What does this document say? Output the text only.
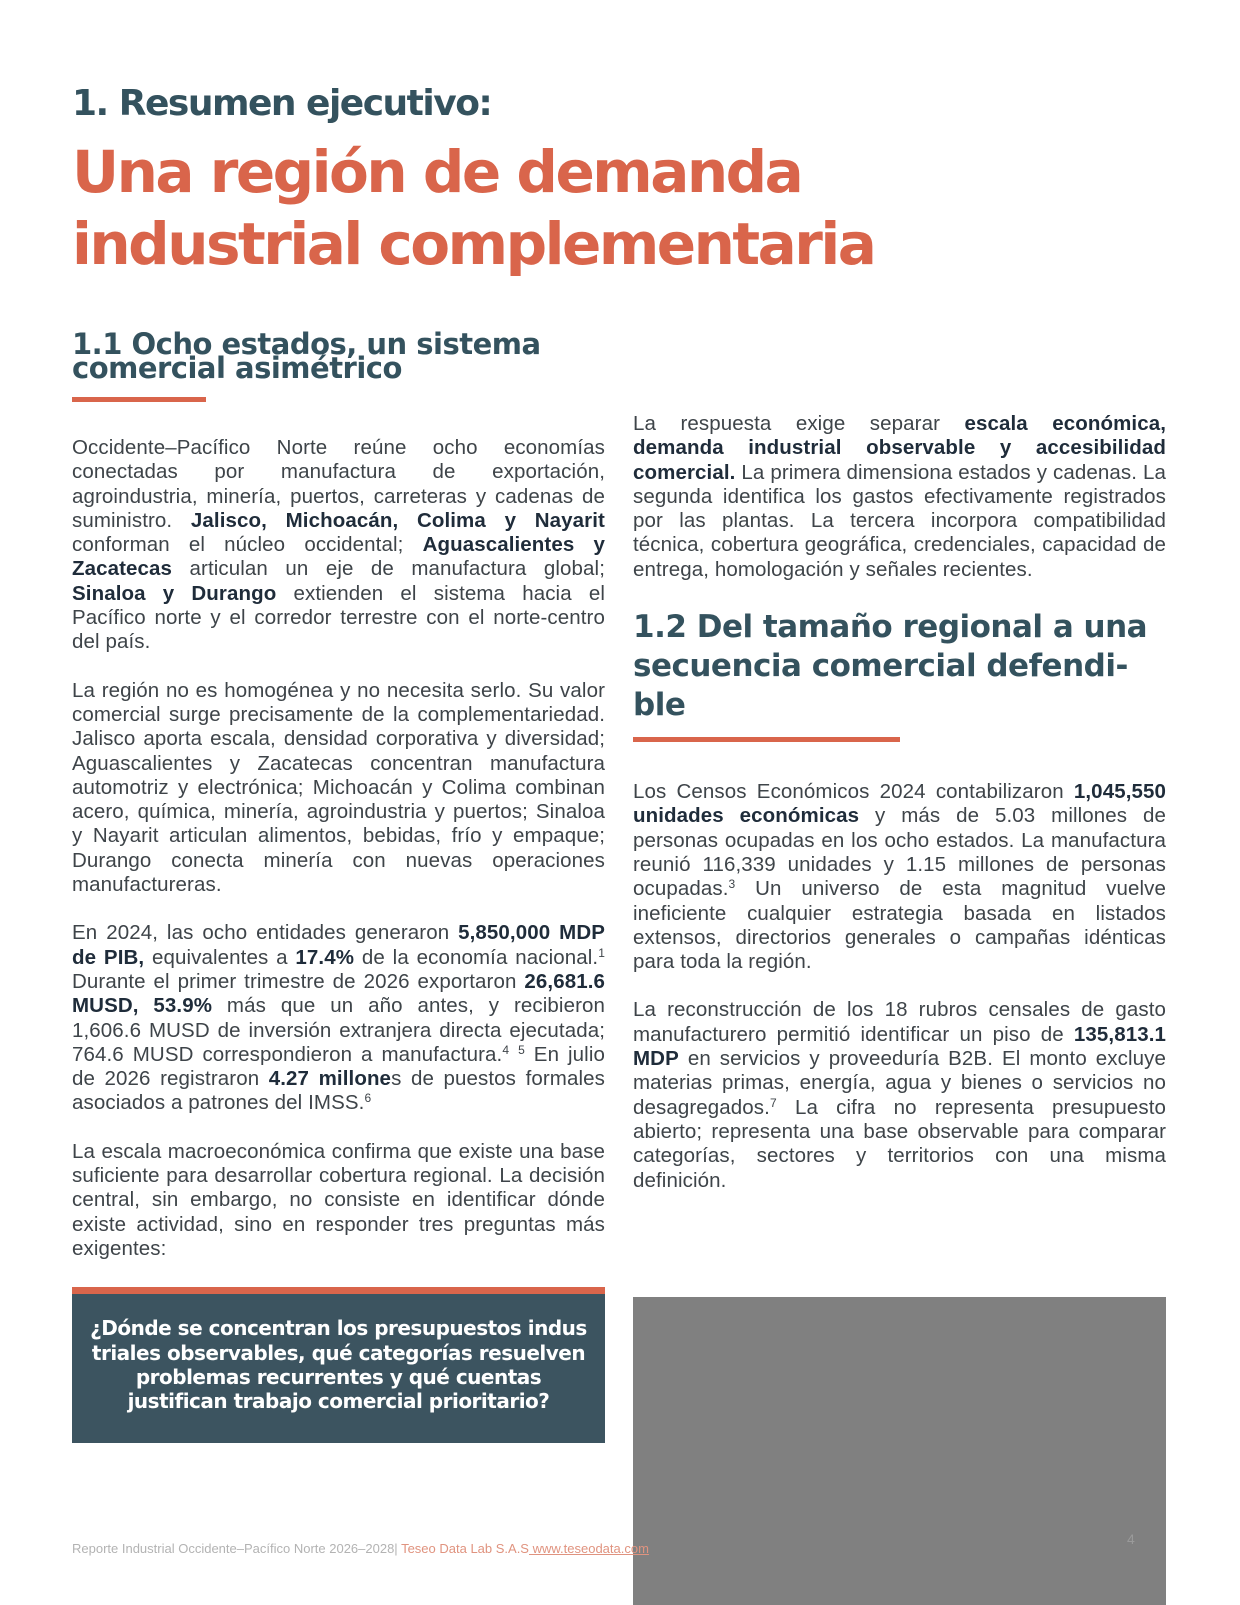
1. Resumen ejecutivo:
Una región de demanda
industrial complementaria
1.1 Ocho estados, un sistema
comercial asimétrico

Occidente–Pacífico Norte reúne ocho economías conectadas por manufactura de exportación, agroindustria, minería, puertos, carreteras y cadenas de suministro. Jalisco, Michoacán, Colima y Nayarit conforman el núcleo occidental; Aguascalientes y Zacatecas articulan un eje de manufactura global; Sinaloa y Durango extienden el sistema hacia el Pacífico norte y el corredor terrestre con el norte-centro del país.

La región no es homogénea y no necesita serlo. Su valor comercial surge precisamente de la complementariedad. Jalisco aporta escala, densidad corporativa y diversidad; Aguascalientes y Zacatecas concentran manufactura automotriz y electrónica; Michoacán y Colima combinan acero, química, minería, agroindustria y puertos; Sinaloa y Nayarit articulan alimentos, bebidas, frío y empaque; Durango conecta minería con nuevas operaciones manufactureras.

En 2024, las ocho entidades generaron 5,850,000 MDP de PIB, equivalentes a 17.4% de la economía nacional.$^1$ Durante el primer trimestre de 2026 exportaron 26,681.6 MUSD, 53.9% más que un año antes, y recibieron 1,606.6 MUSD de inversión extranjera directa ejecutada; 764.6 MUSD correspondieron a manufactura.$^4$ $^5$ En julio de 2026 registraron 4.27 millones de puestos formales asociados a patrones del IMSS.$^6$

La escala macroeconómica confirma que existe una base suficiente para desarrollar cobertura regional. La decisión central, sin embargo, no consiste en identificar dónde existe actividad, sino en responder tres preguntas más exigentes:

¿Dónde se concentran los presupuestos indus triales observables, qué categorías resuelven problemas recurrentes y qué cuentas justifican trabajo comercial prioritario?

La respuesta exige separar escala económica, demanda industrial observable y accesibilidad comercial. La primera dimensiona estados y cadenas. La segunda identifica los gastos efectivamente registrados por las plantas. La tercera incorpora compatibilidad técnica, cobertura geográfica, credenciales, capacidad de entrega, homologación y señales recientes.

1.2 Del tamaño regional a una
secuencia comercial defendi-
ble

Los Censos Económicos 2024 contabilizaron 1,045,550 unidades económicas y más de 5.03 millones de personas ocupadas en los ocho estados. La manufactura reunió 116,339 unidades y 1.15 millones de personas ocupadas.$^3$ Un universo de esta magnitud vuelve ineficiente cualquier estrategia basada en listados extensos, directorios generales o campañas idénticas para toda la región.

La reconstrucción de los 18 rubros censales de gasto manufacturero permitió identificar un piso de 135,813.1 MDP en servicios y proveeduría B2B. El monto excluye materias primas, energía, agua y bienes o servicios no desagregados.$^7$ La cifra no representa presupuesto abierto; representa una base observable para comparar categorías, sectores y territorios con una misma definición.

Reporte Industrial Occidente–Pacífico Norte 2026–2028| Teseo Data Lab S.A.S www.teseodata.com
4
